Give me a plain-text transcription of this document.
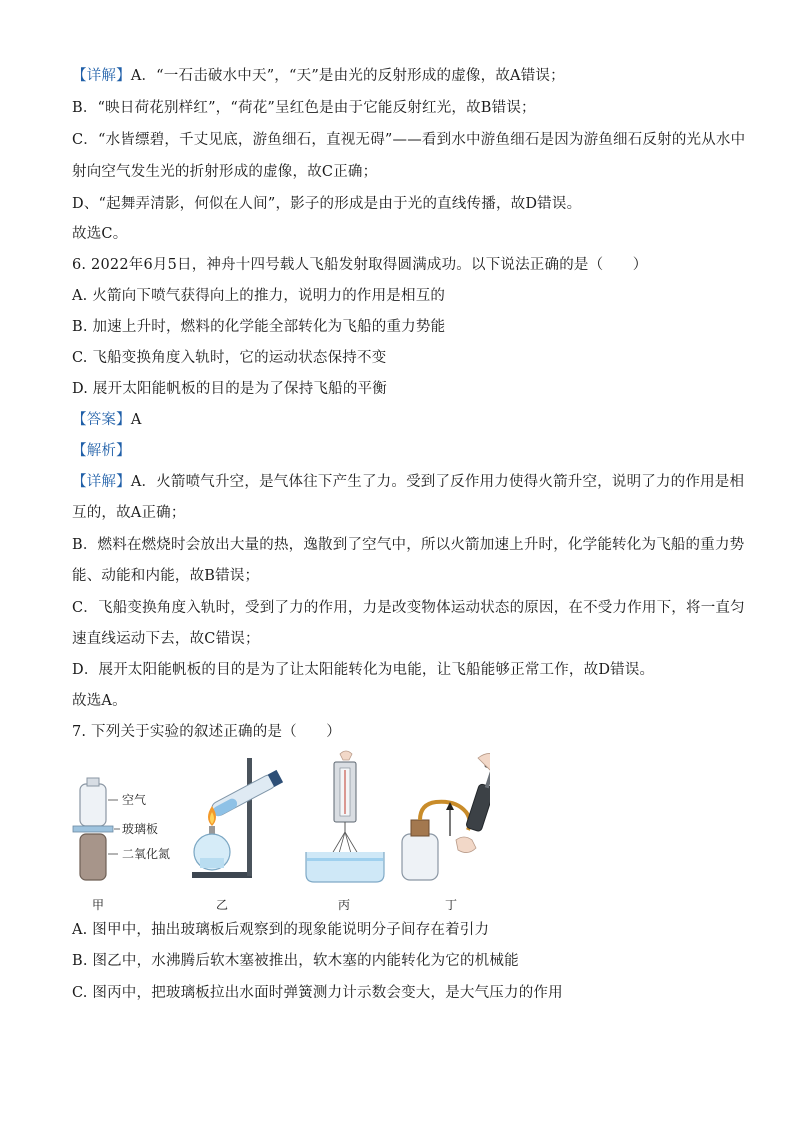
【详解】A．“一石击破水中天”，“天”是由光的反射形成的虚像，故A错误；
B．“映日荷花别样红”，“荷花”呈红色是由于它能反射红光，故B错误；
C．“水皆缥碧，千丈见底，游鱼细石，直视无碍”——看到水中游鱼细石是因为游鱼细石反射的光从水中
射向空气发生光的折射形成的虚像，故C正确；
D、“起舞弄清影，何似在人间”，影子的形成是由于光的直线传播，故D错误。
故选C。
6. 2022年6月5日，神舟十四号载人飞船发射取得圆满成功。以下说法正确的是（　　）
A. 火箭向下喷气获得向上的推力，说明力的作用是相互的
B. 加速上升时，燃料的化学能全部转化为飞船的重力势能
C. 飞船变换角度入轨时，它的运动状态保持不变
D. 展开太阳能帆板的目的是为了保持飞船的平衡
【答案】A
【解析】
【详解】A．火箭喷气升空，是气体往下产生了力。受到了反作用力使得火箭升空，说明了力的作用是相
互的，故A正确；
B．燃料在燃烧时会放出大量的热，逸散到了空气中，所以火箭加速上升时，化学能转化为飞船的重力势
能、动能和内能，故B错误；
C．飞船变换角度入轨时，受到了力的作用，力是改变物体运动状态的原因，在不受力作用下，将一直匀
速直线运动下去，故C错误；
D．展开太阳能帆板的目的是为了让太阳能转化为电能，让飞船能够正常工作，故D错误。
故选A。
7. 下列关于实验的叙述正确的是（　　）
空气
玻璃板
二氧化氮
甲	乙	丙	丁
A. 图甲中，抽出玻璃板后观察到的现象能说明分子间存在着引力
B. 图乙中，水沸腾后软木塞被推出，软木塞的内能转化为它的机械能
C. 图丙中，把玻璃板拉出水面时弹簧测力计示数会变大，是大气压力的作用
